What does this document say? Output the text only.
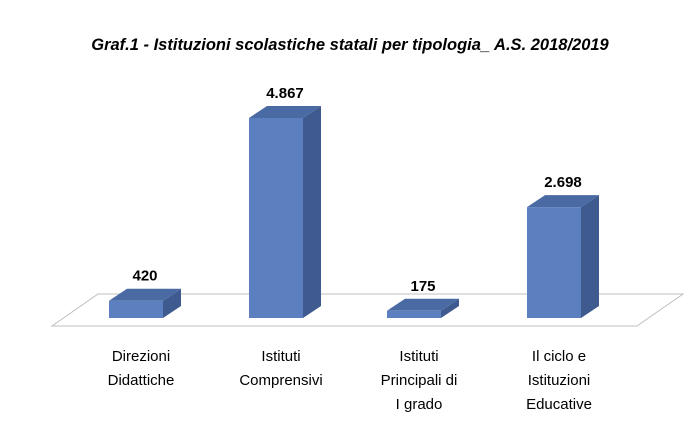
Graf.1 - Istituzioni scolastiche statali per tipologia_ A.S. 2018/2019
420
Direzioni Didattiche
4.867
Istituti Comprensivi
175
Istituti Principali di I grado
2.698
Il ciclo e Istituzioni Educative
